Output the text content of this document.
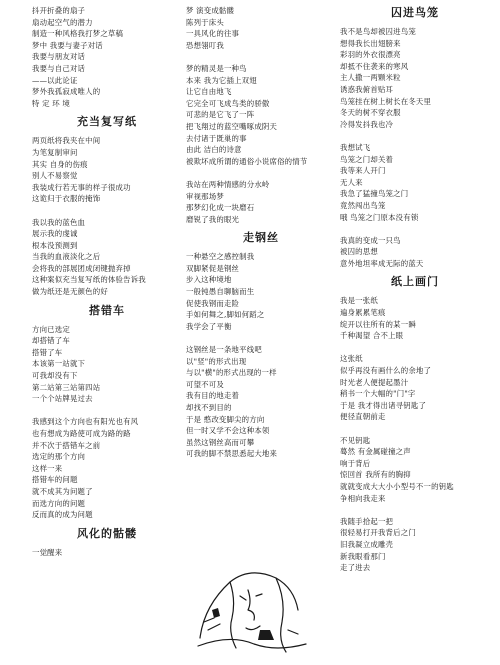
抖开折叠的扇子
扇动起空气的潜力
制造一种风格我打梦之草稿
梦中 我要与妻子对话
我要与朋友对话
我要与自己对话
——以此论证
梦外我孤寂成唯人的
特 定 环 境
充当复写纸
两页纸将我夹在中间
为笔复制审问
其实 自身的伤痕
别人不易察觉
我装成行若无事的样子很成功
这诡归于衣服的掩饰
我以我的蓝色血
展示我的虔诚
根本没预测到
当我的血液淡化之后
会将我的部展团成闭键抛弃掉
这种案似充当复写纸的体验告诉我
做为纸还是无颜色的好
搭错车
方向已选定
却搭错了车
搭错了车
本该第一站就下
可我却没有下
第二站第三站第四站
一个个站牌晃过去
我感到这个方向也有阳光也有风
也有想成为路使可成为路的路
并不次于搭错车之前
选定的那个方向
这样一来
搭错车的问题
就不成其为问题了
而选方向的问题
反而真的成为问题
风化的骷髅
一觉醒来
梦 演变成骷髅
陈列于床头
一具风化的往事
恐想翎叮我
梦的精灵是一种鸟
本来 我为它插上双翅
让它自由地飞
它完全可飞成鸟类的骄傲
可悲的是它飞了一阵
把飞翔过的蓝空嘴啄成阴天
去付诸于既巢的事
由此 洁白的诗意
被欺坏成所谓的通俗小说席俗的情节
我站在两种情感的分水岭
审视那场梦
那梦幻化成一块磨石
磨锐了我的眼光
走钢丝
一种悬空之感控制我
双脚紧促是钢丝
步入这种境地
一般钝愚自聊脑而生
促使我钢而走险
手如何舞之,脚如何蹈之
我学会了平衡
这钢丝是一条地平线吧
以"竖"的形式出现
与以"横"的形式出现的一样
可望不可及
我有目的地走着
却找不到目的
于是 憨改变脚尖的方向
但一时又学不会这种本领
虽然这钢丝高而可攀
可我的脚不禁思悉起大地来
囚进鸟笼
我不是鸟却被囚进鸟笼
想得我长出翅膀来
彩羽的外衣很漂亮
却抵不住袭来的寒风
主人撒一两颗米粒
诱惑我俯首贴耳
鸟笼挂在树上树长在冬天里
冬天的树不穿衣服
冷得发抖我也冷
我想试飞
鸟笼之门却关着
我等来人开门
无人来
我急了猛撞鸟笼之门
竟然闯出鸟笼
哦 鸟笼之门原本没有锁
我真的变成一只鸟
被囚的思想
意外地坦率成无际的蓝天
纸上画门
我是一张纸
遍身累累笔痕
绽开以往所有的某一瞬
千种渴望 合不上眼
这张纸
似乎再没有画什么的余地了
时光老人便提起墨汁
稍书一个大幅的"门"字
于是 我才得出诸寻钥匙了
便径直朝前走
不见钥匙
蓦然 有金属碰撞之声
响于背后
惊回首 我所有的胸抑
就就变成大大小小型号不一的钥匙
争相向我走来
我随手拾起一把
很轻易打开我背后之门
旧我凝立成雕壳
新我眼看那门
走了进去
